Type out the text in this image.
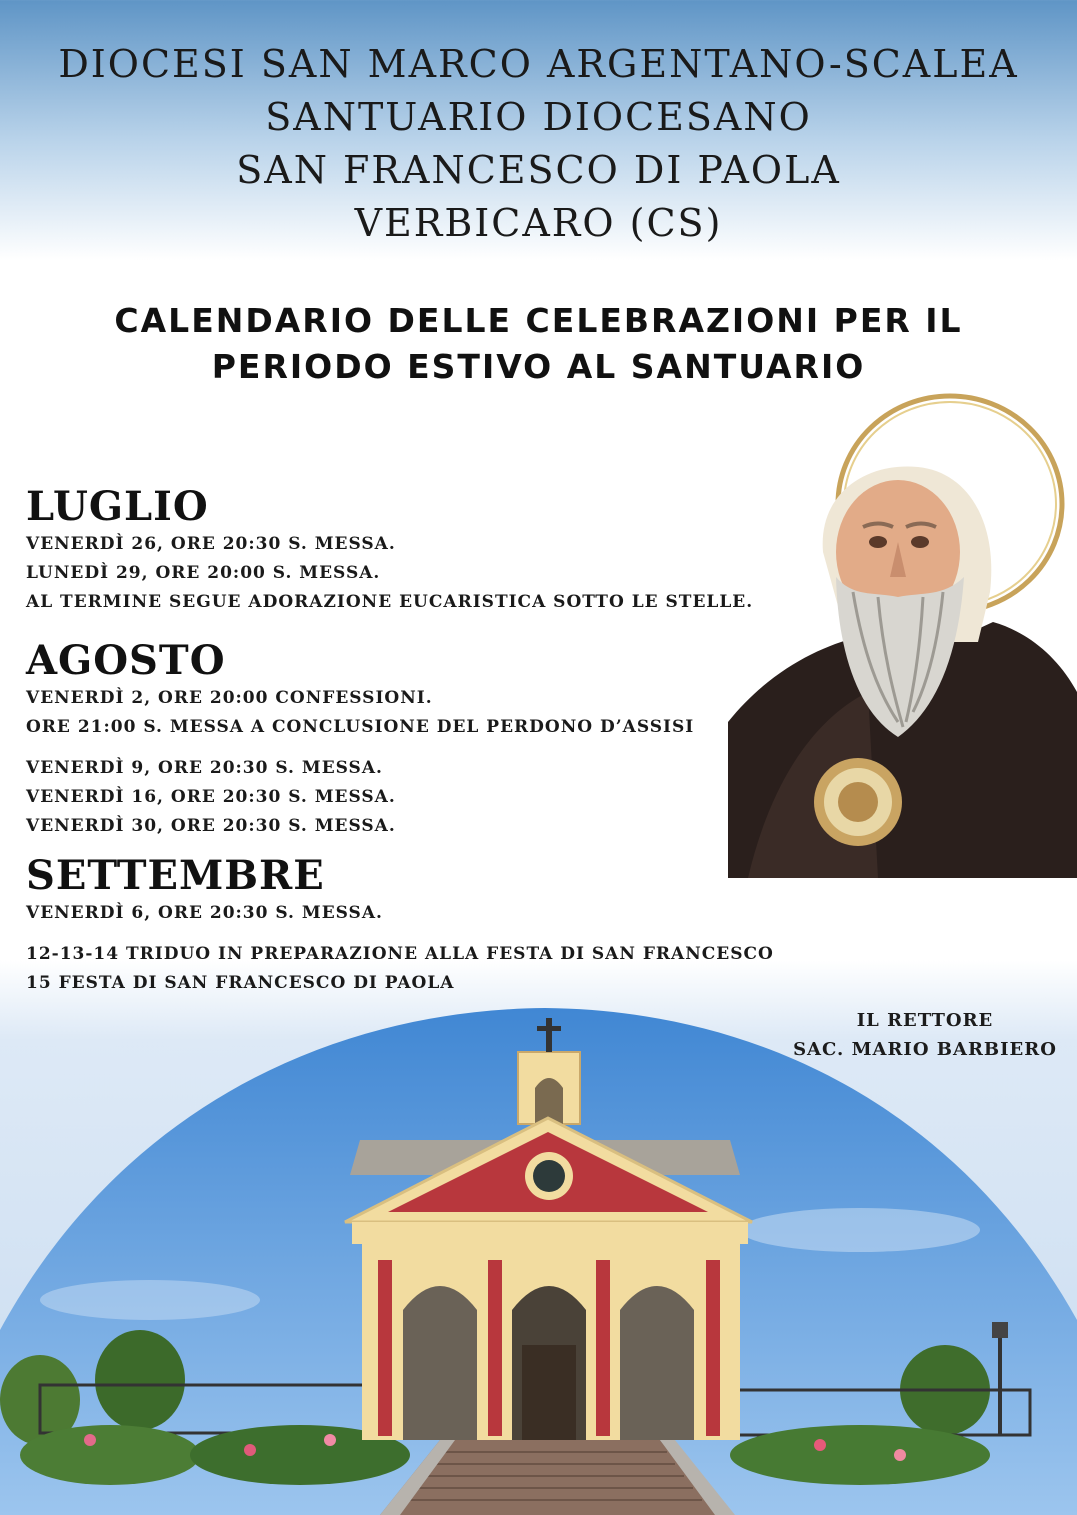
DIOCESI SAN MARCO ARGENTANO-SCALEA
SANTUARIO DIOCESANO
SAN FRANCESCO DI PAOLA
VERBICARO (CS)
CALENDARIO DELLE CELEBRAZIONI PER IL
PERIODO ESTIVO AL SANTUARIO
LUGLIO
VENERDÌ 26, ORE 20:30 S. MESSA.
LUNEDÌ 29, ORE 20:00 S. MESSA.
AL TERMINE SEGUE ADORAZIONE EUCARISTICA SOTTO LE STELLE.
AGOSTO
VENERDÌ 2, ORE 20:00 CONFESSIONI.
ORE 21:00 S. MESSA A CONCLUSIONE DEL PERDONO D’ASSISI
VENERDÌ 9, ORE 20:30 S. MESSA.
VENERDÌ 16, ORE 20:30 S. MESSA.
VENERDÌ 30, ORE 20:30 S. MESSA.
SETTEMBRE
VENERDÌ 6, ORE 20:30 S. MESSA.
12-13-14 TRIDUO IN PREPARAZIONE ALLA FESTA DI SAN FRANCESCO
15 FESTA DI SAN FRANCESCO DI PAOLA
IL RETTORE
SAC. MARIO BARBIERO
